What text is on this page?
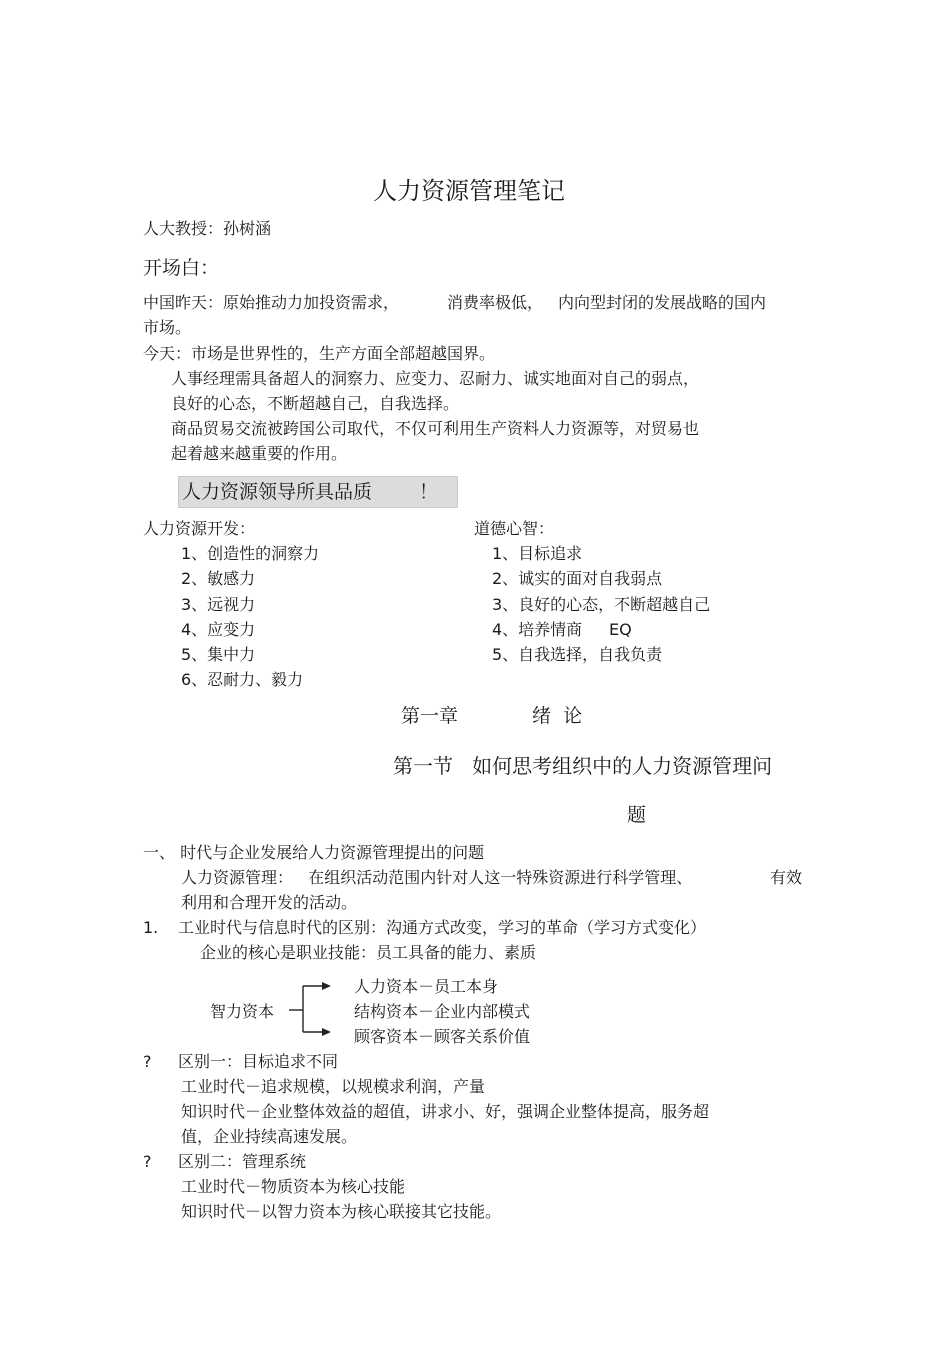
人力资源管理笔记
人大教授：孙树涵
开场白：
中国昨天：原始推动力加投资需求，	消费率极低， 内向型封闭的发展战略的国内
市场。
今天：市场是世界性的，生产方面全部超越国界。
人事经理需具备超人的洞察力、应变力、忍耐力、诚实地面对自己的弱点，
良好的心态，不断超越自己，自我选择。
商品贸易交流被跨国公司取代，不仅可利用生产资料人力资源等，对贸易也
起着越来越重要的作用。
人力资源领导所具品质 ！
人力资源开发：
1、创造性的洞察力
2、敏感力
3、远视力
4、应变力
5、集中力
6、忍耐力、毅力
道德心智：
1、目标追求
2、诚实的面对自我弱点
3、良好的心态，不断超越自己
4、培养情商 EQ
5、自我选择，自我负责
第一章	绪  论
第一节   如何思考组织中的人力资源管理问
题
一、 时代与企业发展给人力资源管理提出的问题
人力资源管理：   在组织活动范围内针对人这一特殊资源进行科学管理、	有效
利用和合理开发的活动。
1. 工业时代与信息时代的区别：沟通方式改变，学习的革命（学习方式变化）
企业的核心是职业技能：员工具备的能力、素质
智力资本
人力资本－员工本身
结构资本－企业内部模式
顾客资本－顾客关系价值
? 区别一：目标追求不同
工业时代－追求规模，以规模求利润，产量
知识时代－企业整体效益的超值，讲求小、好，强调企业整体提高，服务超
值，企业持续高速发展。
? 区别二：管理系统
工业时代－物质资本为核心技能
知识时代－以智力资本为核心联接其它技能。
